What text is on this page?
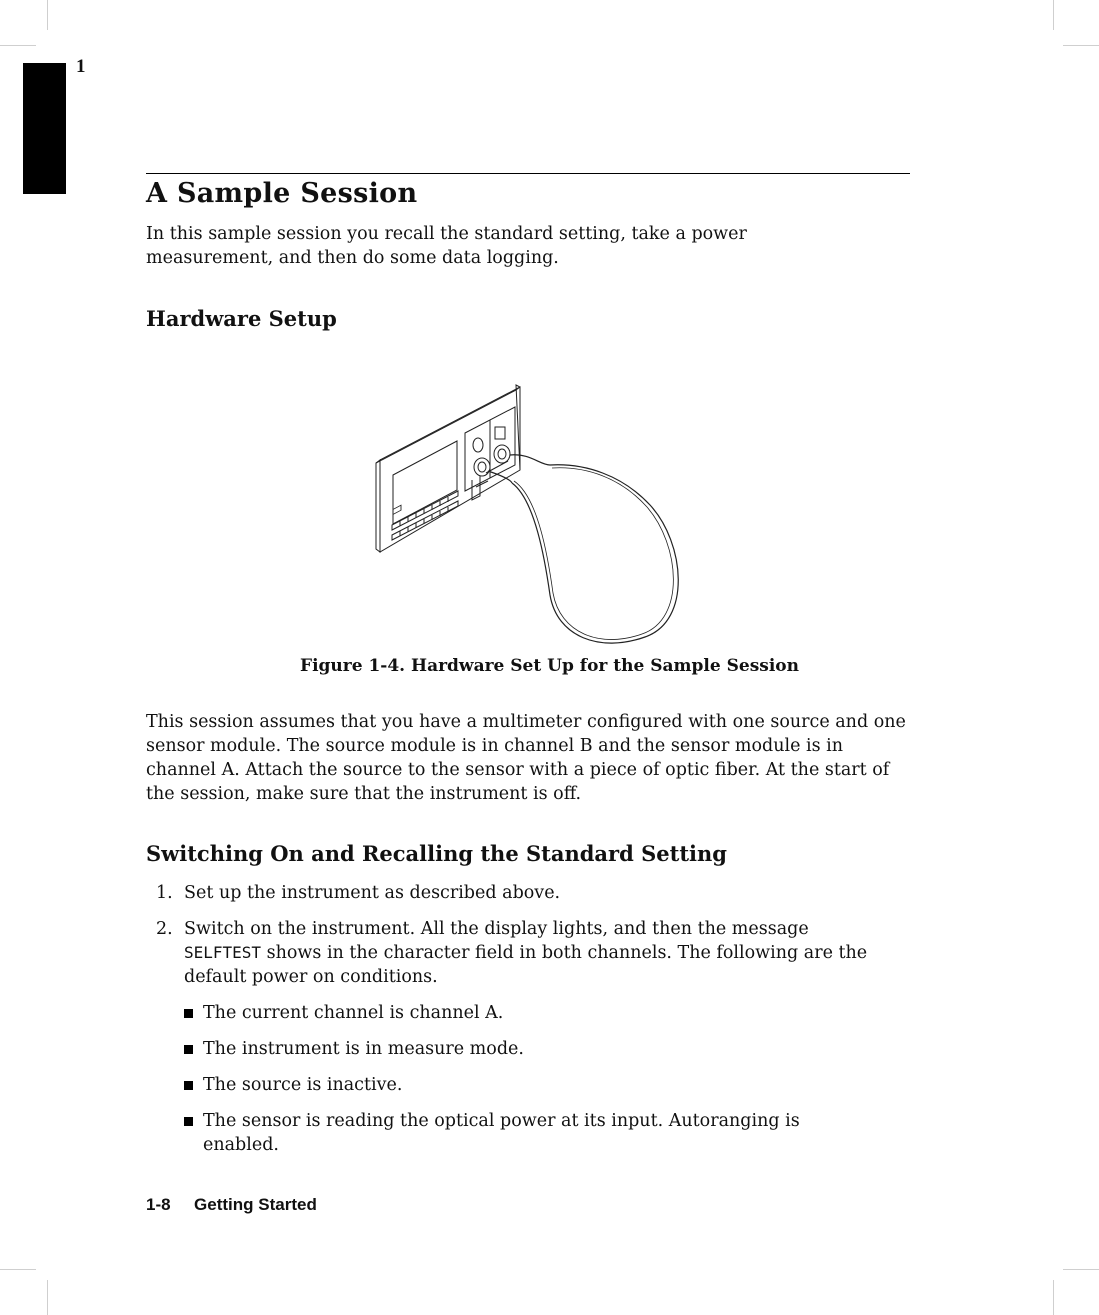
1
A Sample Session

In this sample session you recall the standard setting, take a power measurement, and then do some data logging.

Hardware Setup

Figure 1-4. Hardware Set Up for the Sample Session

This session assumes that you have a multimeter configured with one source and one sensor module. The source module is in channel B and the sensor module is in channel A. Attach the source to the sensor with a piece of optic fiber. At the start of the session, make sure that the instrument is off.

Switching On and Recalling the Standard Setting
1. Set up the instrument as described above.
2. Switch on the instrument. All the display lights, and then the message
SELFTEST shows in the character field in both channels. The following are the default power on conditions.
The current channel is channel A.
The instrument is in measure mode.
The source is inactive.
The sensor is reading the optical power at its input. Autoranging is enabled.
1-8 Getting Started
